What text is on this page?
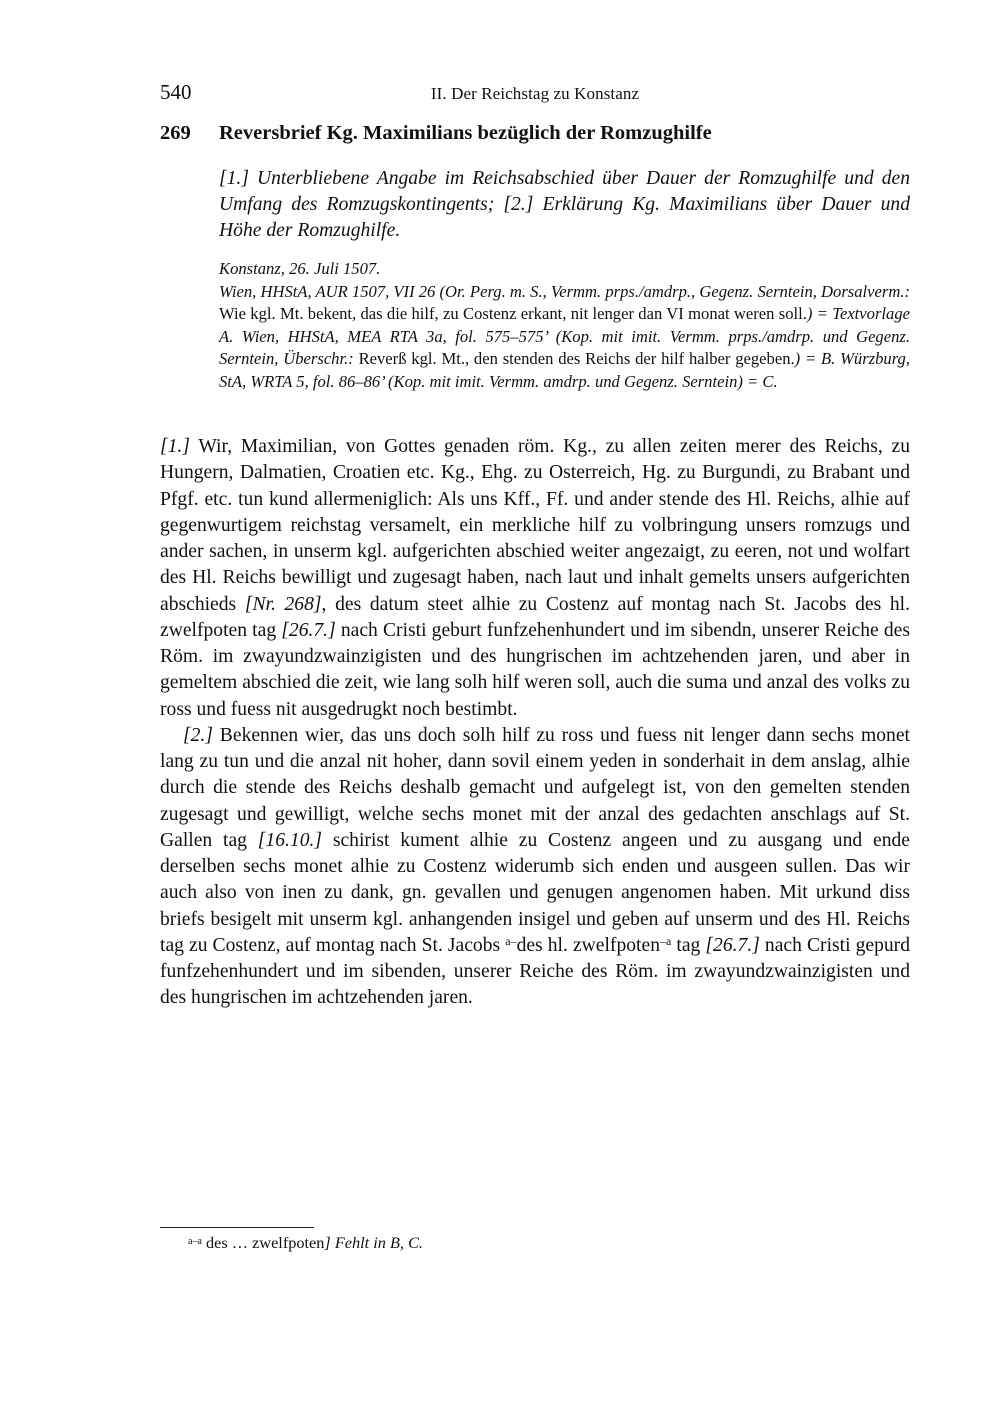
540	II. Der Reichstag zu Konstanz
269 Reversbrief Kg. Maximilians bezüglich der Romzughilfe
[1.] Unterbliebene Angabe im Reichsabschied über Dauer der Romzughilfe und den Umfang des Romzugskontingents; [2.] Erklärung Kg. Maximilians über Dauer und Höhe der Romzughilfe.

Konstanz, 26. Juli 1507.

Wien, HHStA, AUR 1507, VII 26 (Or. Perg. m. S., Vermm. prps./amdrp., Gegenz. Serntein, Dorsalverm.: Wie kgl. Mt. bekent, das die hilf, zu Costenz erkant, nit lenger dan VI monat weren soll.) = Textvorlage A. Wien, HHStA, MEA RTA 3a, fol. 575–575’ (Kop. mit imit. Vermm. prps./amdrp. und Gegenz. Serntein, Überschr.: Reverß kgl. Mt., den stenden des Reichs der hilf halber gegeben.) = B. Würzburg, StA, WRTA 5, fol. 86–86’ (Kop. mit imit. Vermm. amdrp. und Gegenz. Serntein) = C.

[1.] Wir, Maximilian, von Gottes genaden röm. Kg., zu allen zeiten merer des Reichs, zu Hungern, Dalmatien, Croatien etc. Kg., Ehg. zu Osterreich, Hg. zu Burgundi, zu Brabant und Pfgf. etc. tun kund allermeniglich: Als uns Kff., Ff. und ander stende des Hl. Reichs, alhie auf gegenwurtigem reichstag versamelt, ein merkliche hilf zu volbringung unsers romzugs und ander sachen, in unserm kgl. aufgerichten abschied weiter angezaigt, zu eeren, not und wolfart des Hl. Reichs bewilligt und zugesagt haben, nach laut und inhalt gemelts unsers aufgerichten abschieds [Nr. 268], des datum steet alhie zu Costenz auf montag nach St. Jacobs des hl. zwelfpoten tag [26.7.] nach Cristi geburt funfzehenhundert und im sibendn, unserer Reiche des Röm. im zwayundzwainzigisten und des hungrischen im achtzehenden jaren, und aber in gemeltem abschied die zeit, wie lang solh hilf weren soll, auch die suma und anzal des volks zu ross und fuess nit ausgedrugkt noch bestimbt.

[2.] Bekennen wier, das uns doch solh hilf zu ross und fuess nit lenger dann sechs monet lang zu tun und die anzal nit hoher, dann sovil einem yeden in sonderhait in dem anslag, alhie durch die stende des Reichs deshalb gemacht und aufgelegt ist, von den gemelten stenden zugesagt und gewilligt, welche sechs monet mit der anzal des gedachten anschlags auf St. Gallen tag [16.10.] schirist kument alhie zu Costenz angeen und zu ausgang und ende derselben sechs monet alhie zu Costenz widerumb sich enden und ausgeen sullen. Das wir auch also von inen zu dank, gn. gevallen und genugen angenomen haben. Mit urkund diss briefs besigelt mit unserm kgl. anhangenden insigel und geben auf unserm und des Hl. Reichs tag zu Costenz, auf montag nach St. Jacobs $^{a-}$des hl. zwelfpoten$^{-a}$ tag [26.7.] nach Cristi gepurd funfzehenhundert und im sibenden, unserer Reiche des Röm. im zwayundzwainzigisten und des hungrischen im achtzehenden jaren.

$^{a-a}$ des … zwelfpoten] Fehlt in B, C.
